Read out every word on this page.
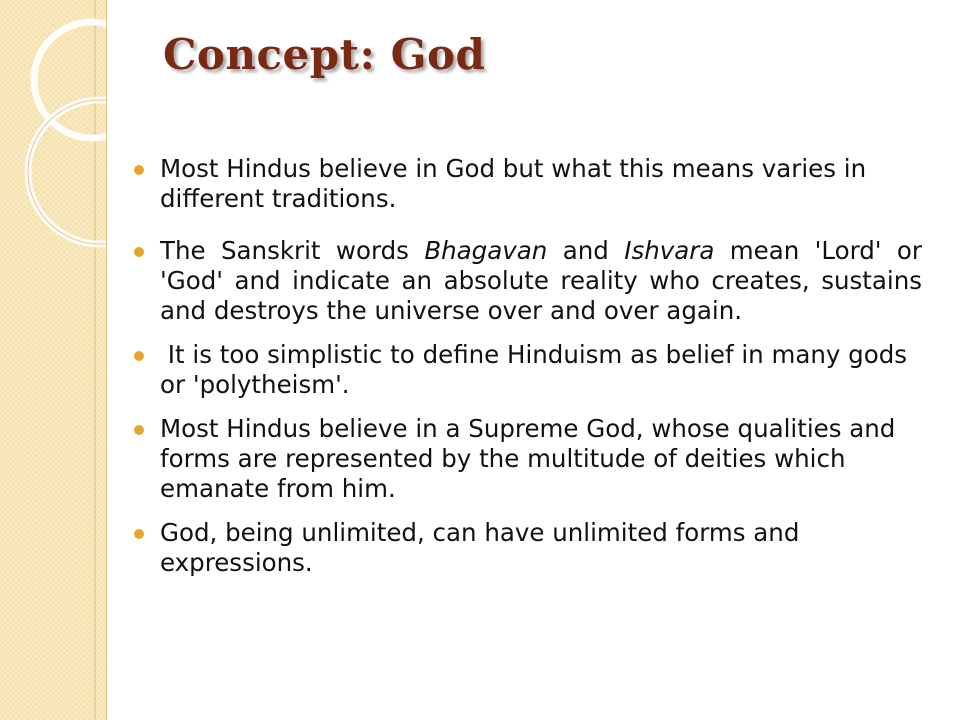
Concept: God
Most Hindus believe in God but what this means varies in different traditions.
The Sanskrit words Bhagavan and Ishvara mean 'Lord' or 'God' and indicate an absolute reality who creates, sustains and destroys the universe over and over again.
It is too simplistic to define Hinduism as belief in many gods or 'polytheism'.
Most Hindus believe in a Supreme God, whose qualities and forms are represented by the multitude of deities which emanate from him.
God, being unlimited, can have unlimited forms and expressions.
